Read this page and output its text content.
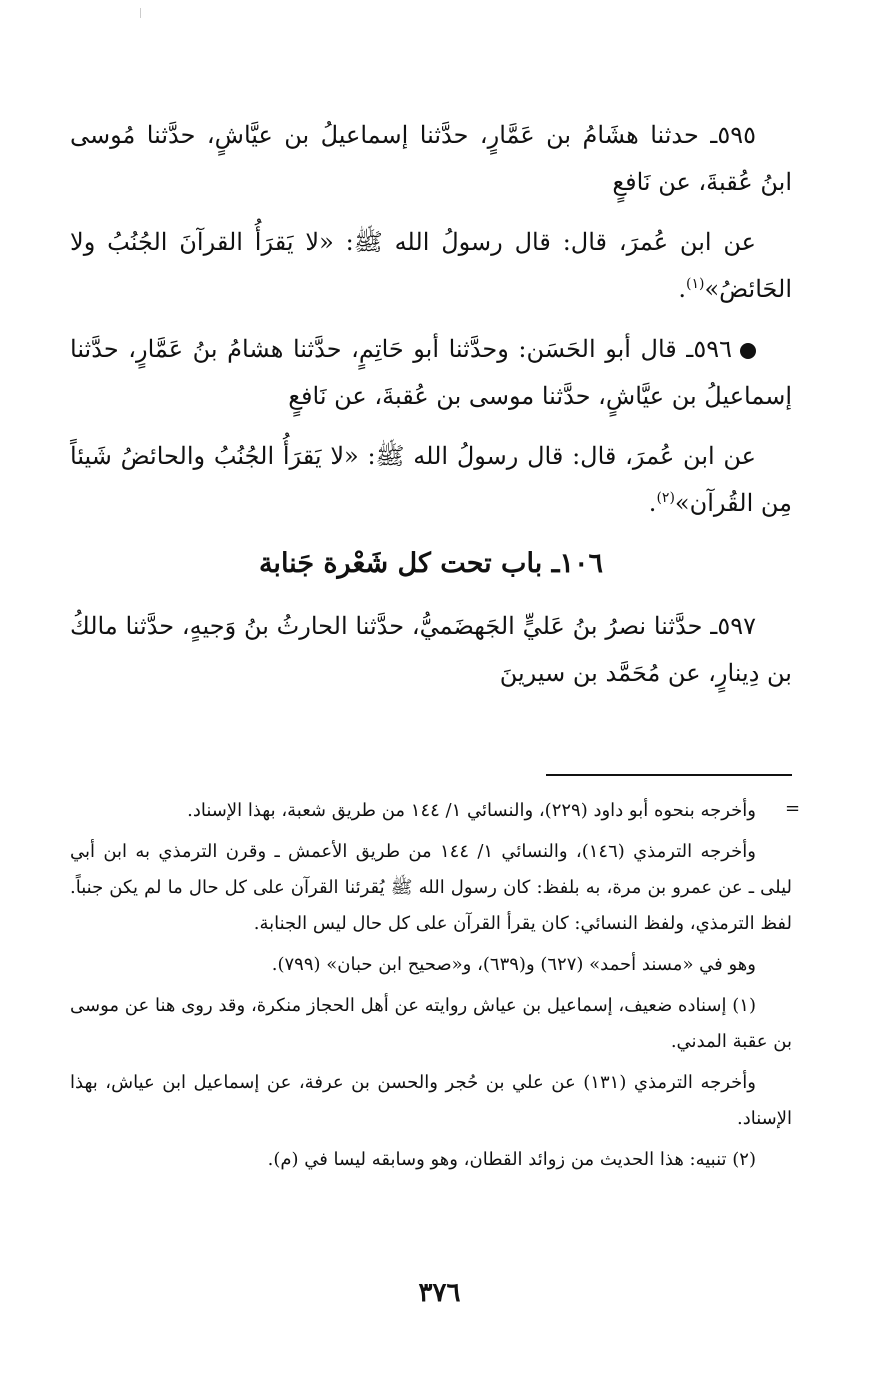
٥٩٥ـ حدثنا هشَامُ بن عَمَّارٍ، حدَّثنا إسماعيلُ بن عيَّاشٍ، حدَّثنا مُوسى ابنُ عُقبةَ، عن نَافعٍ

عن ابن عُمرَ، قال: قال رسولُ الله ﷺ: «لا يَقرَأُ القرآنَ الجُنُبُ ولا الحَائضُ»$^{(١)}$.

٥٩٦ـ قال أبو الحَسَن: وحدَّثنا أبو حَاتِمٍ، حدَّثنا هشامُ بنُ عَمَّارٍ، حدَّثنا إسماعيلُ بن عيَّاشٍ، حدَّثنا موسى بن عُقبةَ، عن نَافعٍ

عن ابن عُمرَ، قال: قال رسولُ الله ﷺ: «لا يَقرَأُ الجُنُبُ والحائضُ شَيئاً مِن القُرآن»$^{(٢)}$.

١٠٦ـ باب تحت كل شَعْرة جَنابة

٥٩٧ـ حدَّثنا نصرُ بنُ عَليٍّ الجَهضَميُّ، حدَّثنا الحارثُ بنُ وَجيهٍ، حدَّثنا مالكُ بن دِينارٍ، عن مُحَمَّد بن سيرينَ

=

وأخرجه بنحوه أبو داود (٢٢٩)، والنسائي ١/ ١٤٤ من طريق شعبة، بهذا الإسناد.

وأخرجه الترمذي (١٤٦)، والنسائي ١/ ١٤٤ من طريق الأعمش ـ وقرن الترمذي به ابن أبي ليلى ـ عن عمرو بن مرة، به بلفظ: كان رسول الله ﷺ يُقرئنا القرآن على كل حال ما لم يكن جنباً. لفظ الترمذي، ولفظ النسائي: كان يقرأ القرآن على كل حال ليس الجنابة.

وهو في «مسند أحمد» (٦٢٧) و(٦٣٩)، و«صحيح ابن حبان» (٧٩٩).

(١) إسناده ضعيف، إسماعيل بن عياش روايته عن أهل الحجاز منكرة، وقد روى هنا عن موسى بن عقبة المدني.

وأخرجه الترمذي (١٣١) عن علي بن حُجر والحسن بن عرفة، عن إسماعيل ابن عياش، بهذا الإسناد.

(٢) تنبيه: هذا الحديث من زوائد القطان، وهو وسابقه ليسا في (م).

٣٧٦
